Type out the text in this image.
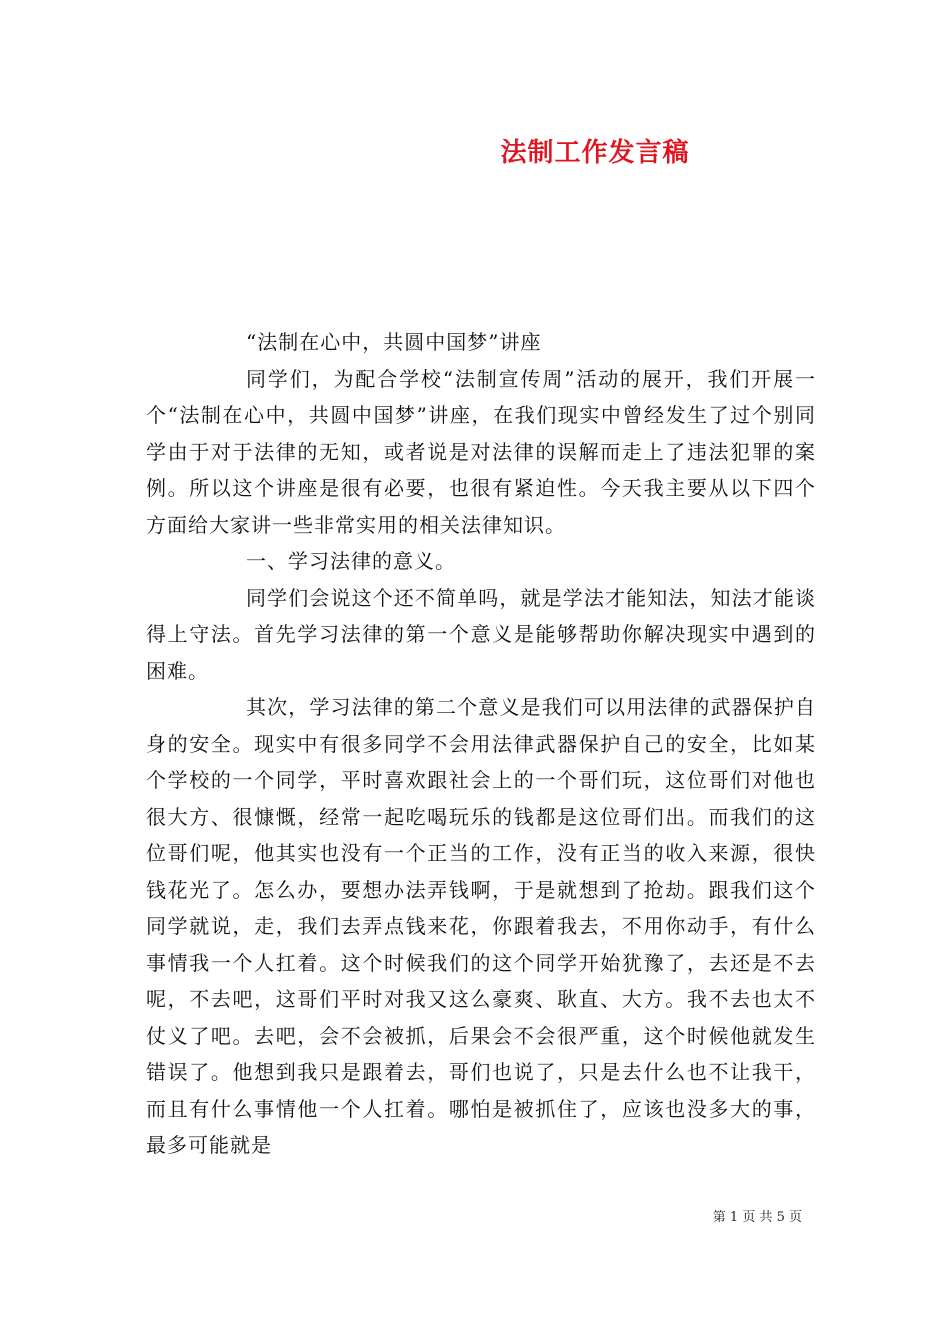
法制工作发言稿

“法制在心中，共圆中国梦”讲座

同学们，为配合学校“法制宣传周”活动的展开，我们开展一个“法制在心中，共圆中国梦”讲座，在我们现实中曾经发生了过个别同学由于对于法律的无知，或者说是对法律的误解而走上了违法犯罪的案例。所以这个讲座是很有必要，也很有紧迫性。今天我主要从以下四个方面给大家讲一些非常实用的相关法律知识。

一、学习法律的意义。

同学们会说这个还不简单吗，就是学法才能知法，知法才能谈得上守法。首先学习法律的第一个意义是能够帮助你解决现实中遇到的困难。

其次，学习法律的第二个意义是我们可以用法律的武器保护自身的安全。现实中有很多同学不会用法律武器保护自己的安全，比如某个学校的一个同学，平时喜欢跟社会上的一个哥们玩，这位哥们对他也很大方、很慷慨，经常一起吃喝玩乐的钱都是这位哥们出。而我们的这位哥们呢，他其实也没有一个正当的工作，没有正当的收入来源，很快钱花光了。怎么办，要想办法弄钱啊，于是就想到了抢劫。跟我们这个同学就说，走，我们去弄点钱来花，你跟着我去，不用你动手，有什么事情我一个人扛着。这个时候我们的这个同学开始犹豫了，去还是不去呢，不去吧，这哥们平时对我又这么豪爽、耿直、大方。我不去也太不仗义了吧。去吧，会不会被抓，后果会不会很严重，这个时候他就发生错误了。他想到我只是跟着去，哥们也说了，只是去什么也不让我干，而且有什么事情他一个人扛着。哪怕是被抓住了，应该也没多大的事，最多可能就是

第 1 页 共 5 页
